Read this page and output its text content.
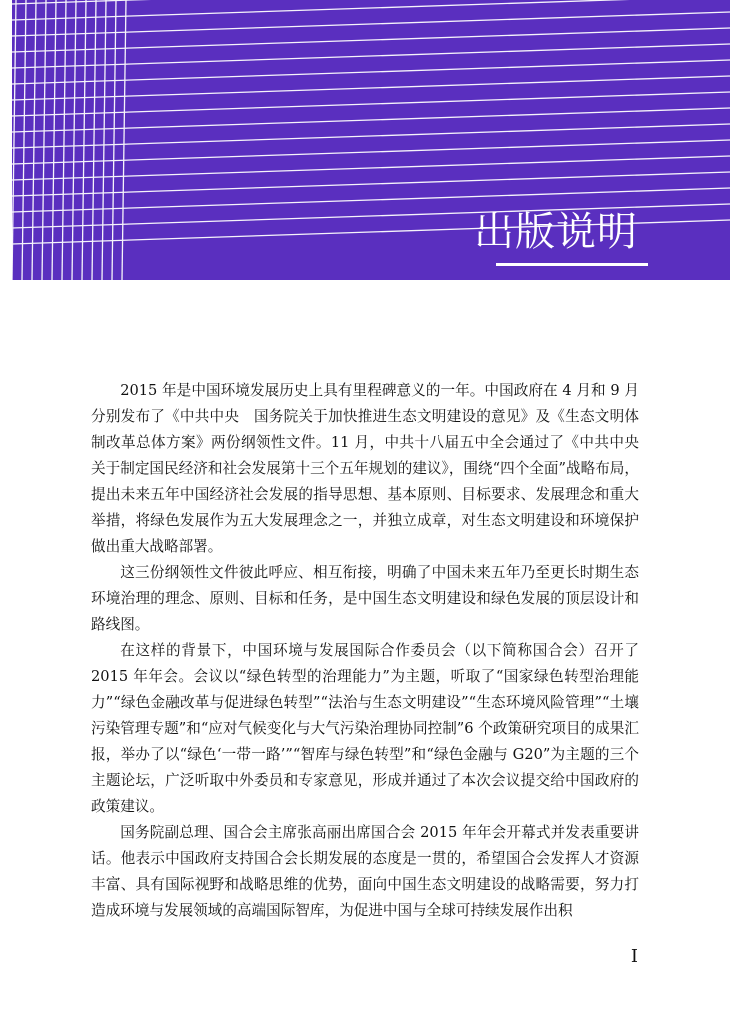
出版说明

2015 年是中国环境发展历史上具有里程碑意义的一年。中国政府在 4 月和 9 月分别发布了《中共中央　国务院关于加快推进生态文明建设的意见》及《生态文明体制改革总体方案》两份纲领性文件。11 月，中共十八届五中全会通过了《中共中央关于制定国民经济和社会发展第十三个五年规划的建议》，围绕“四个全面”战略布局，提出未来五年中国经济社会发展的指导思想、基本原则、目标要求、发展理念和重大举措，将绿色发展作为五大发展理念之一，并独立成章，对生态文明建设和环境保护做出重大战略部署。

这三份纲领性文件彼此呼应、相互衔接，明确了中国未来五年乃至更长时期生态环境治理的理念、原则、目标和任务，是中国生态文明建设和绿色发展的顶层设计和路线图。

在这样的背景下，中国环境与发展国际合作委员会（以下简称国合会）召开了 2015 年年会。会议以“绿色转型的治理能力”为主题，听取了“国家绿色转型治理能力”“绿色金融改革与促进绿色转型”“法治与生态文明建设”“生态环境风险管理”“土壤污染管理专题”和“应对气候变化与大气污染治理协同控制”6 个政策研究项目的成果汇报，举办了以“绿色‘一带一路’”“智库与绿色转型”和“绿色金融与 G20”为主题的三个主题论坛，广泛听取中外委员和专家意见，形成并通过了本次会议提交给中国政府的政策建议。

国务院副总理、国合会主席张高丽出席国合会 2015 年年会开幕式并发表重要讲话。他表示中国政府支持国合会长期发展的态度是一贯的，希望国合会发挥人才资源丰富、具有国际视野和战略思维的优势，面向中国生态文明建设的战略需要，努力打造成环境与发展领域的高端国际智库，为促进中国与全球可持续发展作出积

I
